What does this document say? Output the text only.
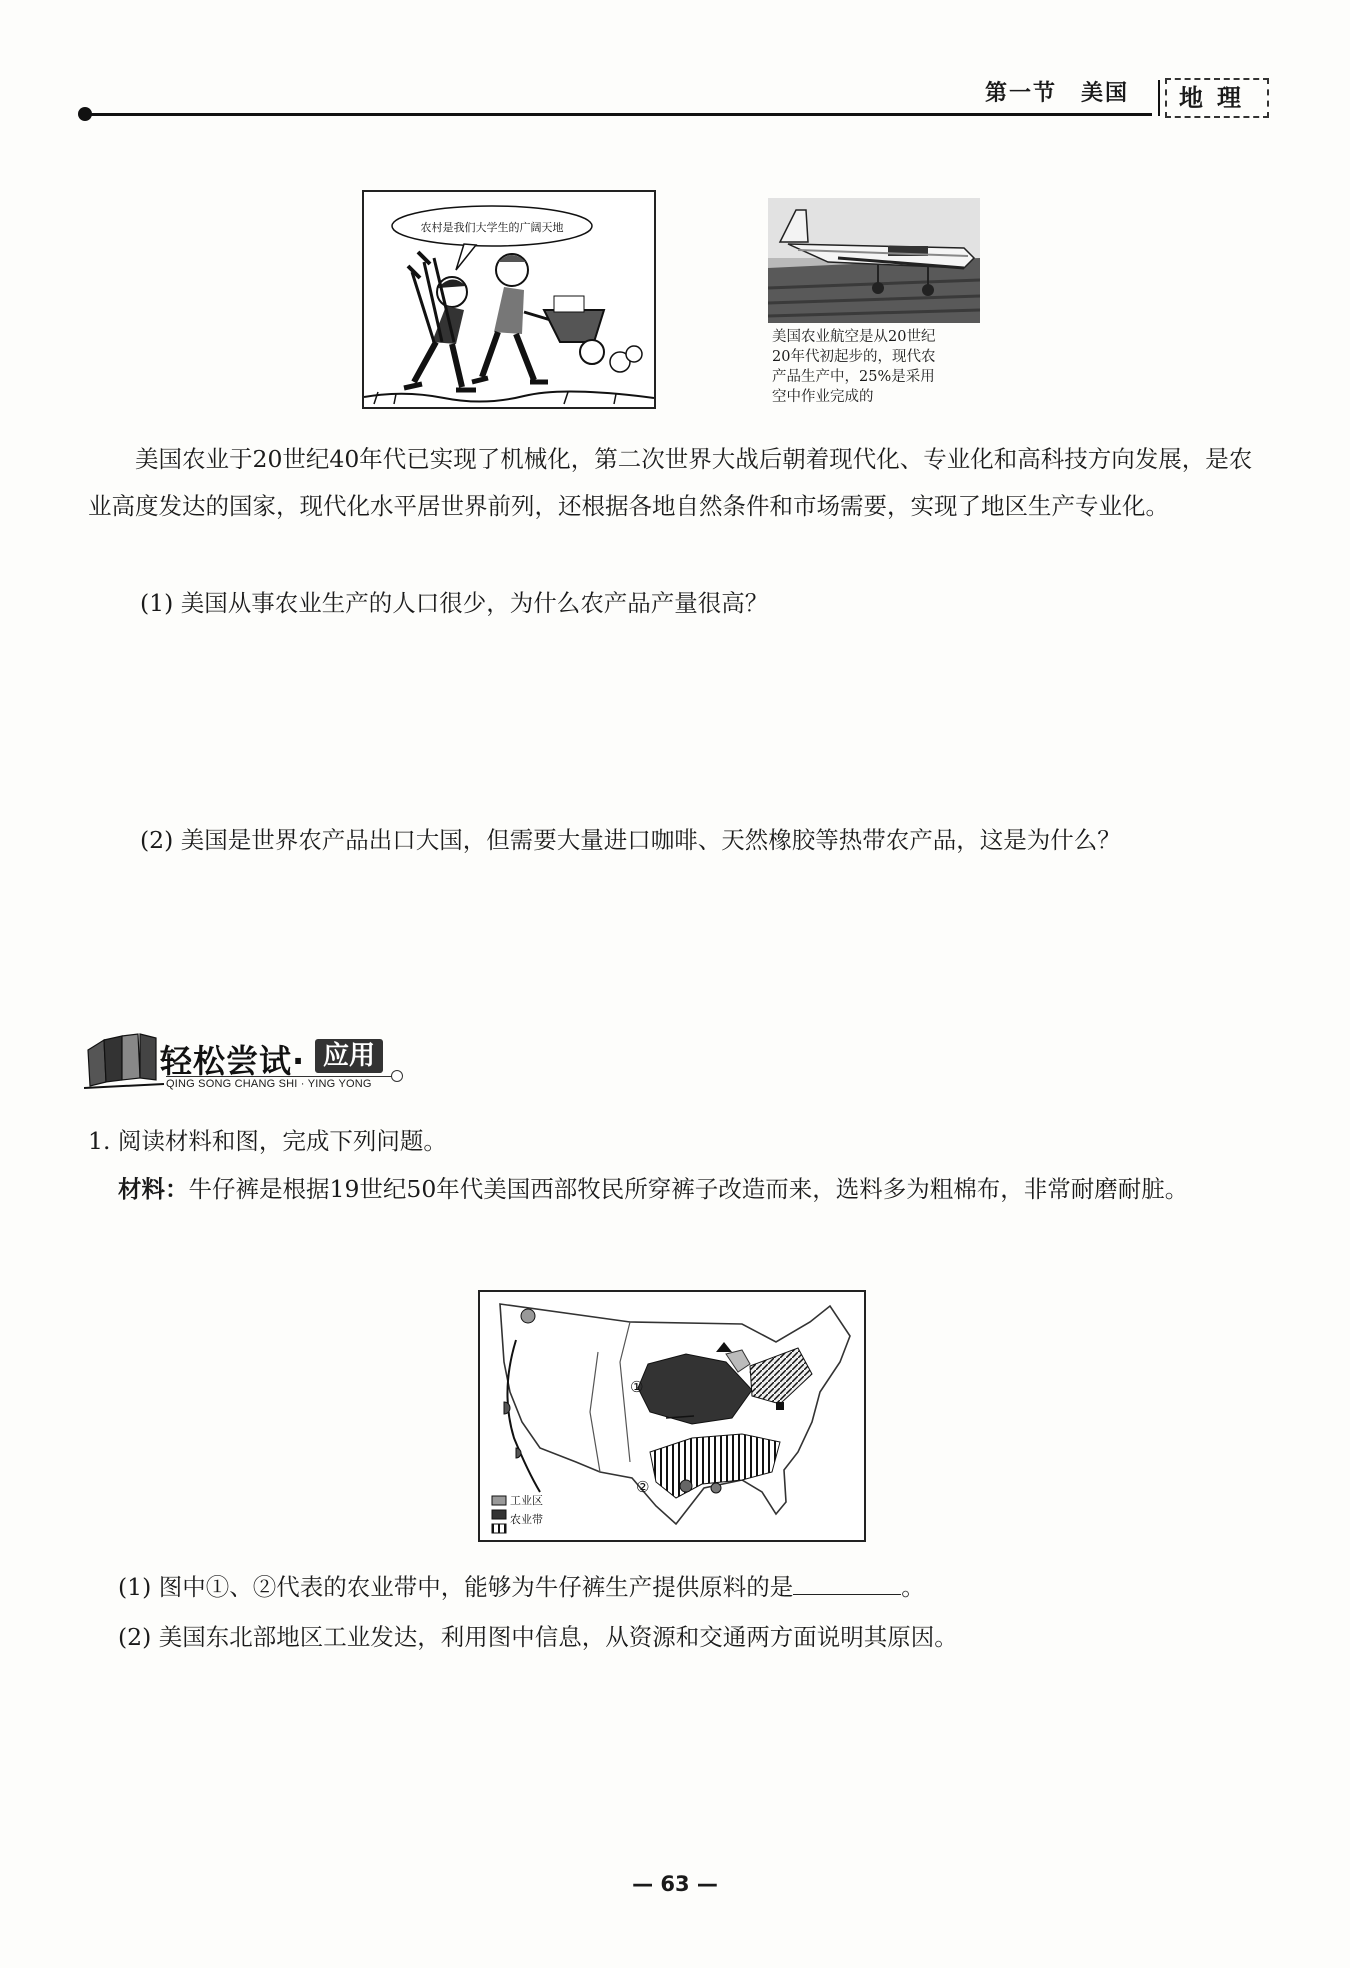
第一节　美国	地理
农村是我们大学生的广阔天地
美国农业航空是从20世纪
20年代初起步的，现代农
产品生产中，25%是采用
空中作业完成的
美国农业于20世纪40年代已实现了机械化，第二次世界大战后朝着现代化、专业化和高科技方向发展，是农业高度发达的国家，现代化水平居世界前列，还根据各地自然条件和市场需要，实现了地区生产专业化。
(1) 美国从事农业生产的人口很少，为什么农产品产量很高？
(2) 美国是世界农产品出口大国，但需要大量进口咖啡、天然橡胶等热带农产品，这是为什么？
轻松尝试· 应用
QING SONG CHANG SHI · YING YONG
1. 阅读材料和图，完成下列问题。
材料：牛仔裤是根据19世纪50年代美国西部牧民所穿裤子改造而来，选料多为粗棉布，非常耐磨耐脏。
①
②
工业区
农业带
(1) 图中①、②代表的农业带中，能够为牛仔裤生产提供原料的是	。
(2) 美国东北部地区工业发达，利用图中信息，从资源和交通两方面说明其原因。
— 63 —
